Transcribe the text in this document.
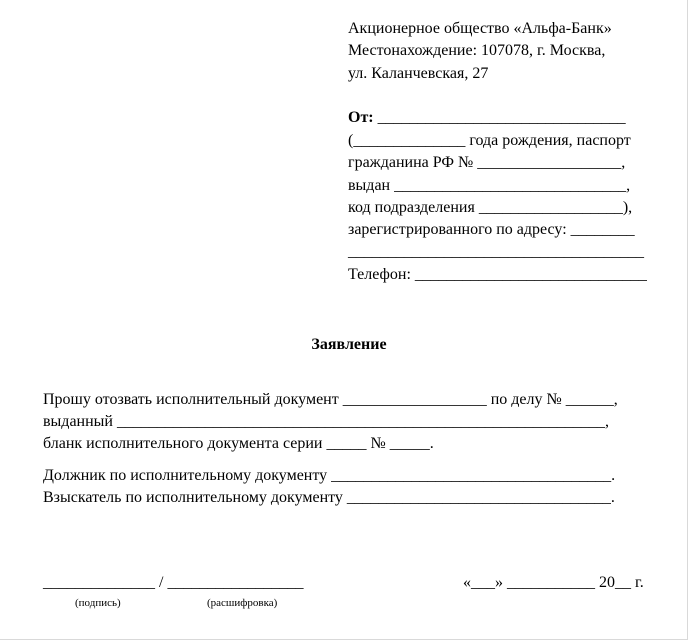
Акционерное общество «Альфа-Банк»
Местонахождение: 107078, г. Москва,
ул. Каланчевская, 27
От: _______________________________
(______________ года рождения, паспорт
гражданина РФ № __________________,
выдан _____________________________,
код подразделения __________________),
зарегистрированного по адресу: ________
_____________________________________
Телефон: _____________________________
Заявление
Прошу отозвать исполнительный документ __________________ по делу № ______,
выданный _____________________________________________________________,
бланк исполнительного документа серии _____ № _____.
Должник по исполнительному документу ___________________________________.
Взыскатель по исполнительному документу _________________________________.
______________ / _________________
(подпись)	(расшифровка)
«___» ___________ 20__ г.
